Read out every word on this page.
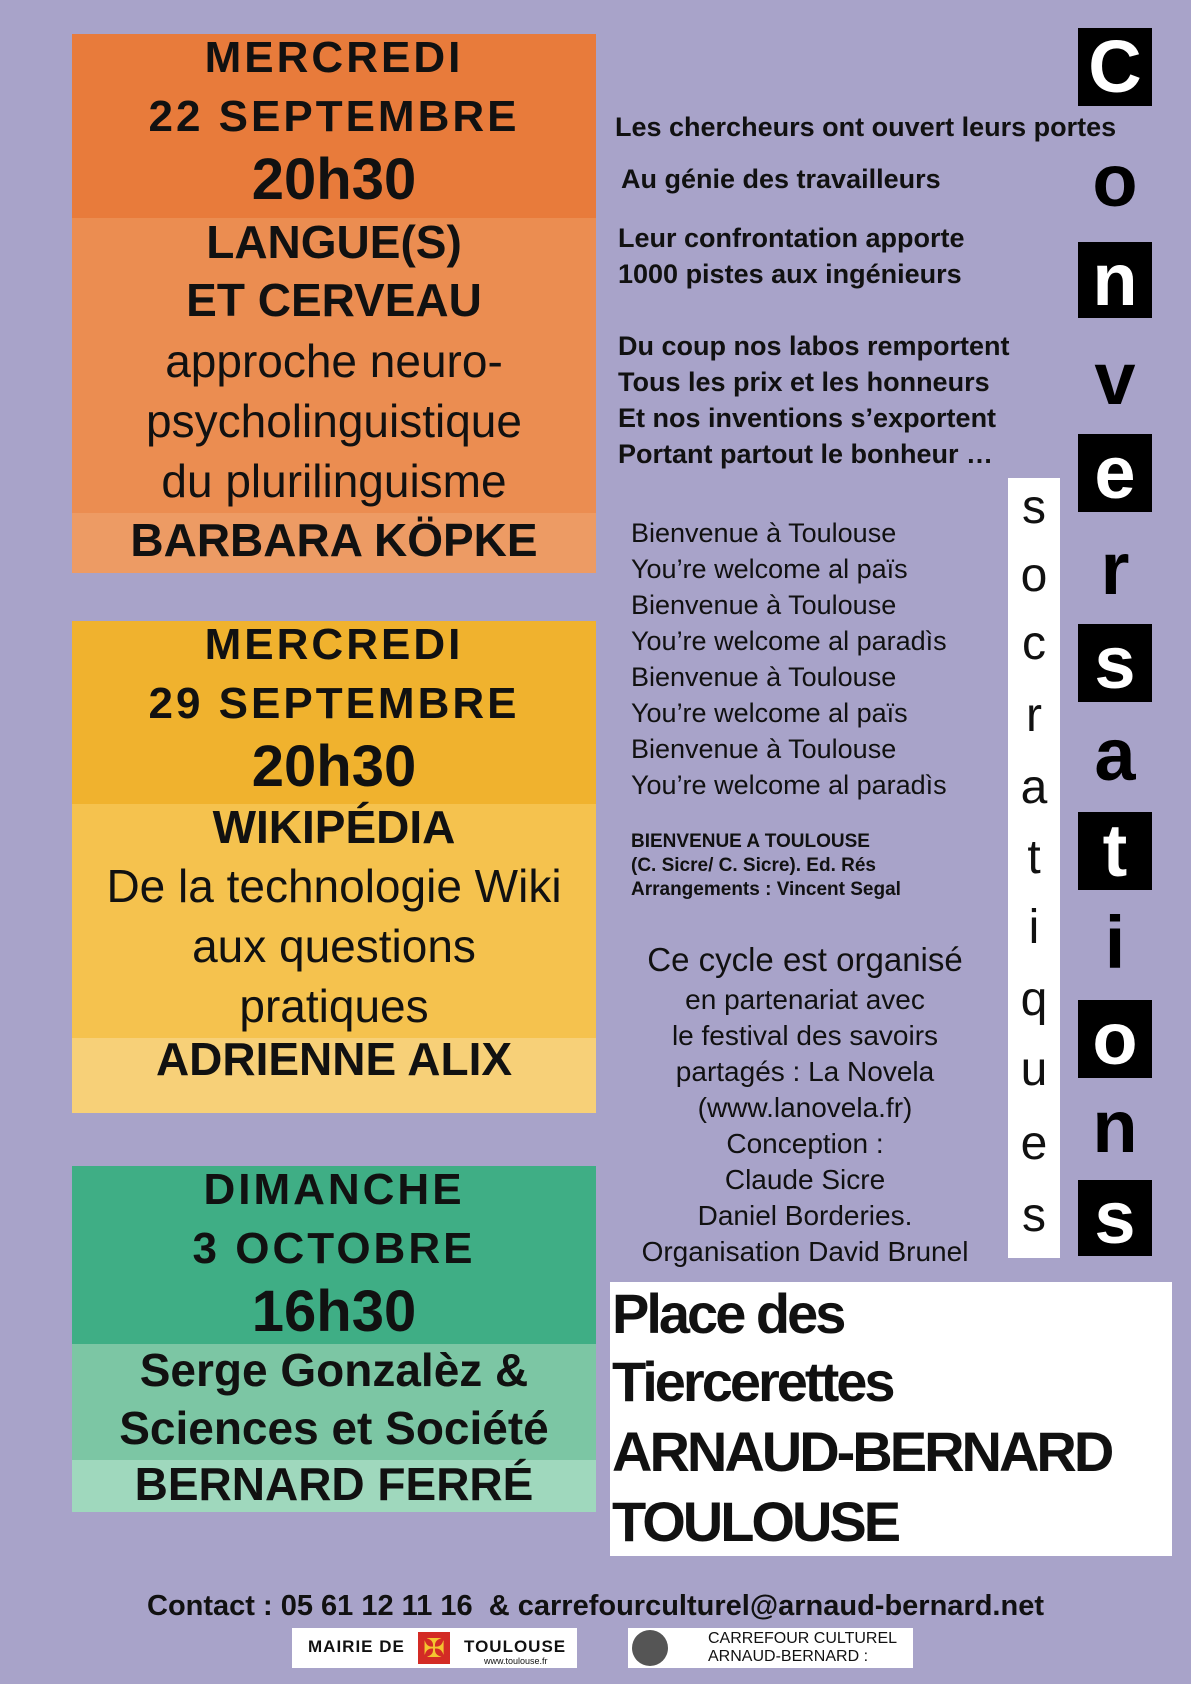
MERCREDI
22 SEPTEMBRE
20h30
LANGUE(S)
ET CERVEAU
approche neuro-
psycholinguistique
du plurilinguisme
BARBARA KÖPKE
MERCREDI
29 SEPTEMBRE
20h30
WIKIPÉDIA
De la technologie Wiki
aux questions
pratiques
ADRIENNE ALIX
DIMANCHE
3 OCTOBRE
16h30
Serge Gonzalèz &
Sciences et Société
BERNARD FERRÉ
Les chercheurs ont ouvert leurs portes
Au génie des travailleurs
Leur confrontation apporte
1000 pistes aux ingénieurs
Du coup nos labos remportent
Tous les prix et les honneurs
Et nos inventions s’exportent
Portant partout le bonheur …
Bienvenue à Toulouse
You’re welcome al païs
Bienvenue à Toulouse
You’re welcome al paradìs
Bienvenue à Toulouse
You’re welcome al païs
Bienvenue à Toulouse
You’re welcome al paradìs
BIENVENUE A TOULOUSE
(C. Sicre/ C. Sicre). Ed. Rés
Arrangements : Vincent Segal
Ce cycle est organisé
en partenariat avec
le festival des savoirs
partagés : La Novela
(www.lanovela.fr)
Conception :
Claude Sicre
Daniel Borderies.
Organisation David Brunel
s
o
c
r
a
t
i
q
u
e
s
C
o
n
v
e
r
s
a
t
i
o
n
s
Place des
Tiercerettes
ARNAUD-BERNARD
TOULOUSE
Contact : 05 61 12 11 16  & carrefourculturel@arnaud-bernard.net
MAIRIE DE ✠	TOULOUSE
www.toulouse.fr
CARREFOUR CULTUREL
ARNAUD-BERNARD :
